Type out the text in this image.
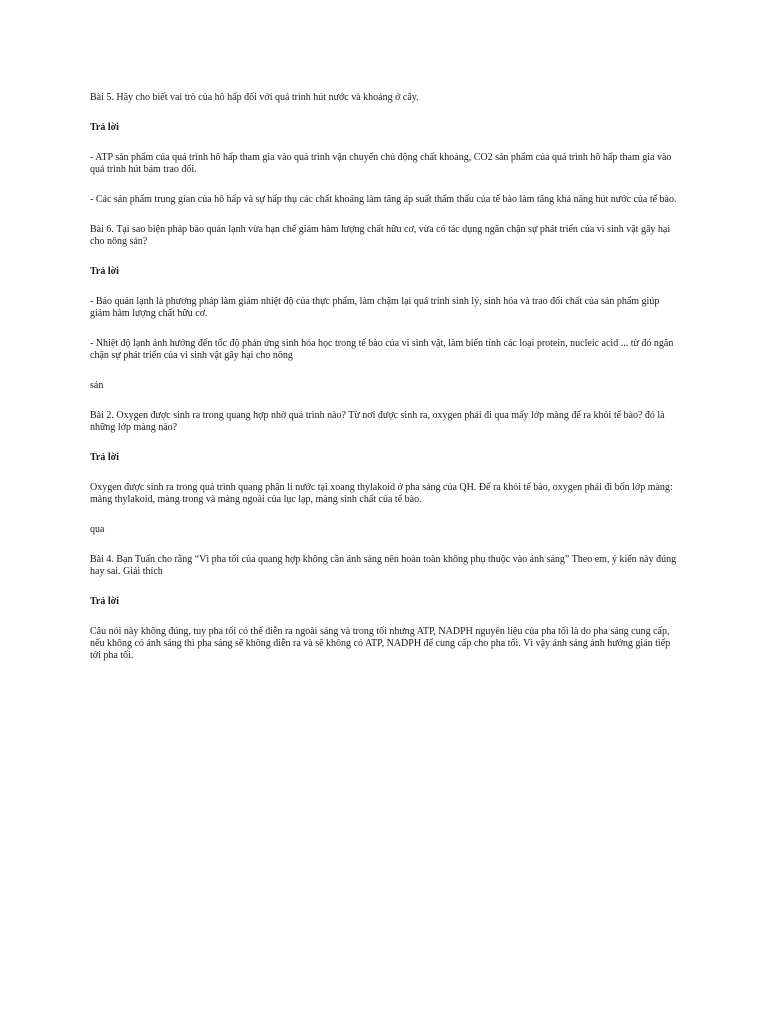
Bài 5. Hãy cho biết vai trò của hô hấp đối với quá trình hút nước và khoáng ở cây.

Trả lời

- ATP sản phẩm của quá trình hô hấp tham gia vào quá trình vận chuyển chủ động chất khoáng, CO2 sản phẩm của quá trình hô hấp tham gia vào quá trình hút bám trao đổi.

- Các sản phẩm trung gian của hô hấp và sự hấp thụ các chất khoáng làm tăng áp suất thẩm thấu của tế bào làm tăng khả năng hút nước của tế bào.

Bài 6. Tại sao biện pháp bảo quản lạnh vừa hạn chế giảm hàm lượng chất hữu cơ, vừa có tác dụng ngăn chặn sự phát triển của vi sinh vật gây hại cho nông sản?

Trả lời

- Bảo quản lạnh là phương pháp làm giảm nhiệt độ của thực phẩm, làm chậm lại quá trình sinh lý, sinh hóa và trao đổi chất của sản phẩm giúp giảm hàm lượng chất hữu cơ.

- Nhiệt độ lạnh ảnh hưởng đến tốc độ phản ứng sinh hóa học trong tế bào của vi sinh vật, làm biến tính các loại protein, nucleic acid ... từ đó ngăn chặn sự phát triển của vi sinh vật gây hại cho nông

sản

Bài 2. Oxygen được sinh ra trong quang hợp nhờ quá trình nào? Từ nơi được sinh ra, oxygen phải đi qua mấy lớp màng để ra khỏi tế bào? đó là những lớp màng nào?

Trả lời

Oxygen được sinh ra trong quá trình quang phân li nước tại xoang thylakoid ở pha sáng của QH. Để ra khỏi tế bào, oxygen phải đi bốn lớp màng: màng thylakoid, màng trong và màng ngoài của lục lạp, màng sinh chất của tế bào.

qua

Bài 4. Bạn Tuấn cho rằng “Vì pha tối của quang hợp không cần ánh sáng nên hoàn toàn không phụ thuộc vào ánh sáng” Theo em, ý kiến này đúng hay sai. Giải thích

Trả lời

Câu nói này không đúng, tuy pha tối có thể diễn ra ngoài sáng và trong tối nhưng ATP, NADPH nguyên liệu của pha tối là do pha sáng cung cấp, nếu không có ánh sáng thì pha sáng sẽ không diễn ra và sẽ không có ATP, NADPH để cung cấp cho pha tối. Vì vậy ánh sáng ảnh hưởng gián tiếp tới pha tối.
